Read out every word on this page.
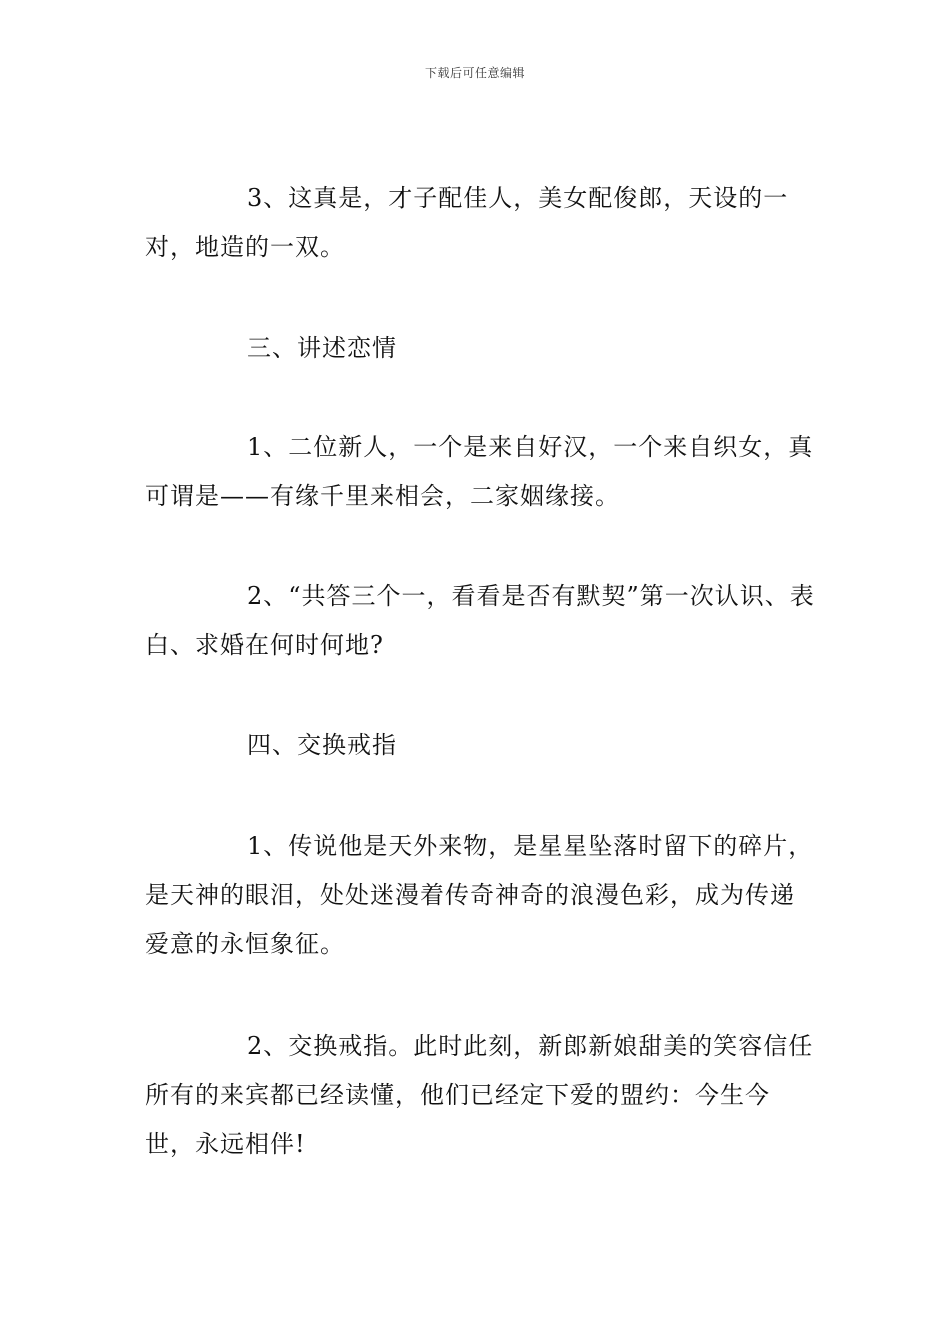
下载后可任意编辑

3、这真是，才子配佳人，美女配俊郎，天设的一对，地造的一双。

三、讲述恋情

1、二位新人，一个是来自好汉，一个来自织女，真可谓是——有缘千里来相会，二家姻缘接。

2、“共答三个一，看看是否有默契”第一次认识、表白、求婚在何时何地?

四、交换戒指

1、传说他是天外来物，是星星坠落时留下的碎片，是天神的眼泪，处处迷漫着传奇神奇的浪漫色彩，成为传递爱意的永恒象征。

2、交换戒指。此时此刻，新郎新娘甜美的笑容信任所有的来宾都已经读懂，他们已经定下爱的盟约：今生今世，永远相伴!
